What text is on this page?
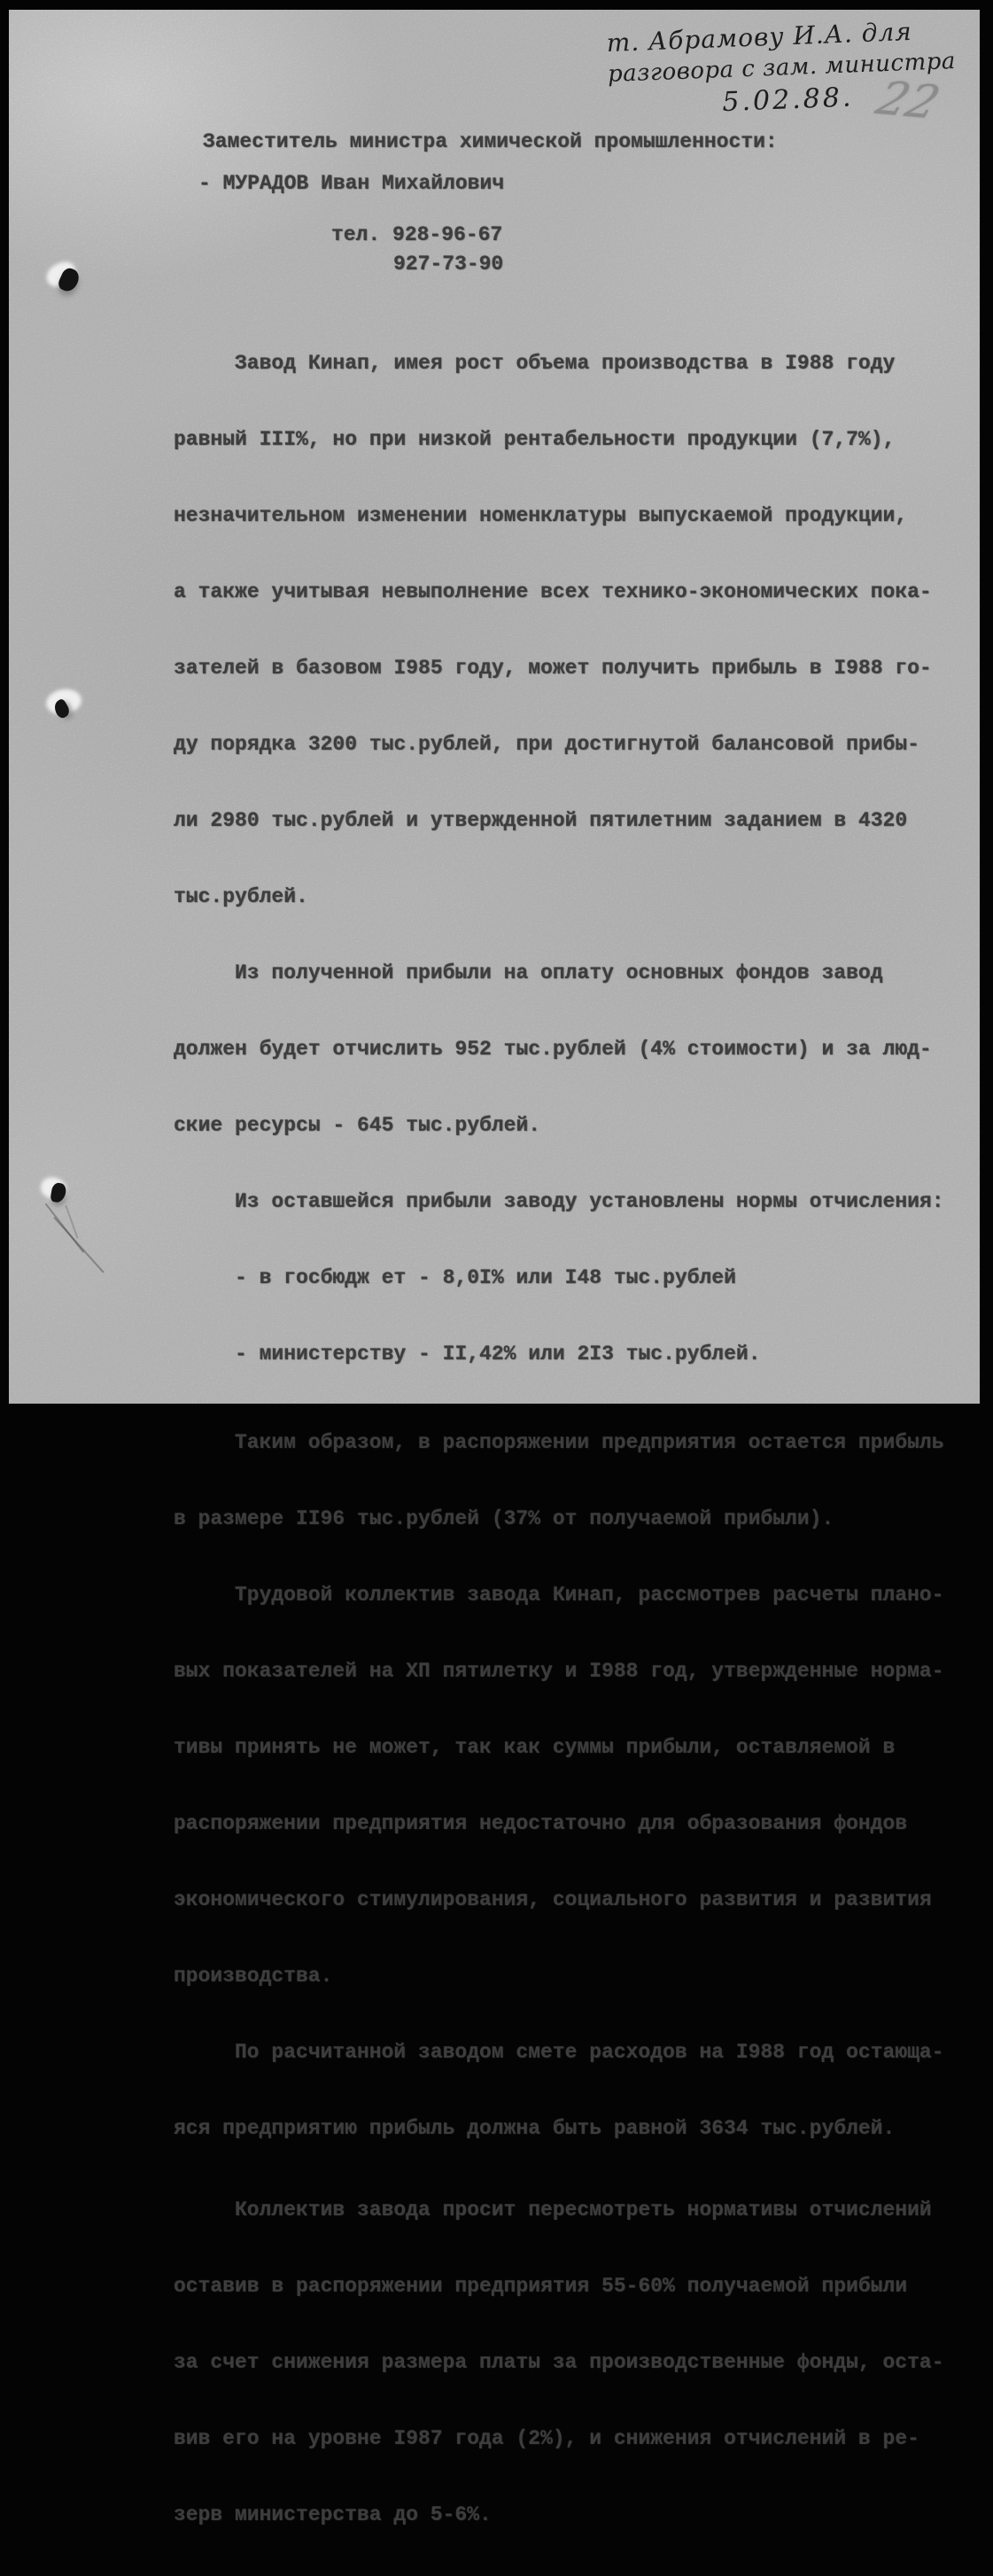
т. Абрамову И.А. для
разговора с зам. министра
5.02.88. 22
Заместитель министра химической промышленности:
- МУРАДОВ Иван Михайлович
тел. 928-96-67
927-73-90

Завод Кинап, имея рост объема производства в I988 году

равный III%, но при низкой рентабельности продукции (7,7%),

незначительном изменении номенклатуры выпускаемой продукции,

а также учитывая невыполнение всех технико-экономических пока-

зателей в базовом I985 году, может получить прибыль в I988 го-

ду порядка 3200 тыс.рублей, при достигнутой балансовой прибы-

ли 2980 тыс.рублей и утвержденной пятилетним заданием в 4320

тыс.рублей.

Из полученной прибыли на оплату основных фондов завод

должен будет отчислить 952 тыс.рублей (4% стоимости) и за люд-

ские ресурсы - 645 тыс.рублей.

Из оставшейся прибыли заводу установлены нормы отчисления:

- в госбюдж ет - 8,0I% или I48 тыс.рублей

- министерству - II,42% или 2I3 тыс.рублей.

Таким образом, в распоряжении предприятия остается прибыль

в размере II96 тыс.рублей (37% от получаемой прибыли).

Трудовой коллектив завода Кинап, рассмотрев расчеты плано-

вых показателей на ХП пятилетку и I988 год, утвержденные норма-

тивы принять не может, так как суммы прибыли, оставляемой в

распоряжении предприятия недостаточно для образования фондов

экономического стимулирования, социального развития и развития

производства.

По расчитанной заводом смете расходов на I988 год остающа-

яся предприятию прибыль должна быть равной 3634 тыс.рублей.

Коллектив завода просит пересмотреть нормативы отчислений

оставив в распоряжении предприятия 55-60% получаемой прибыли

за счет снижения размера платы за производственные фонды, оста-

вив его на уровне I987 года (2%), и снижения отчислений в ре-

зерв министерства до 5-6%.
